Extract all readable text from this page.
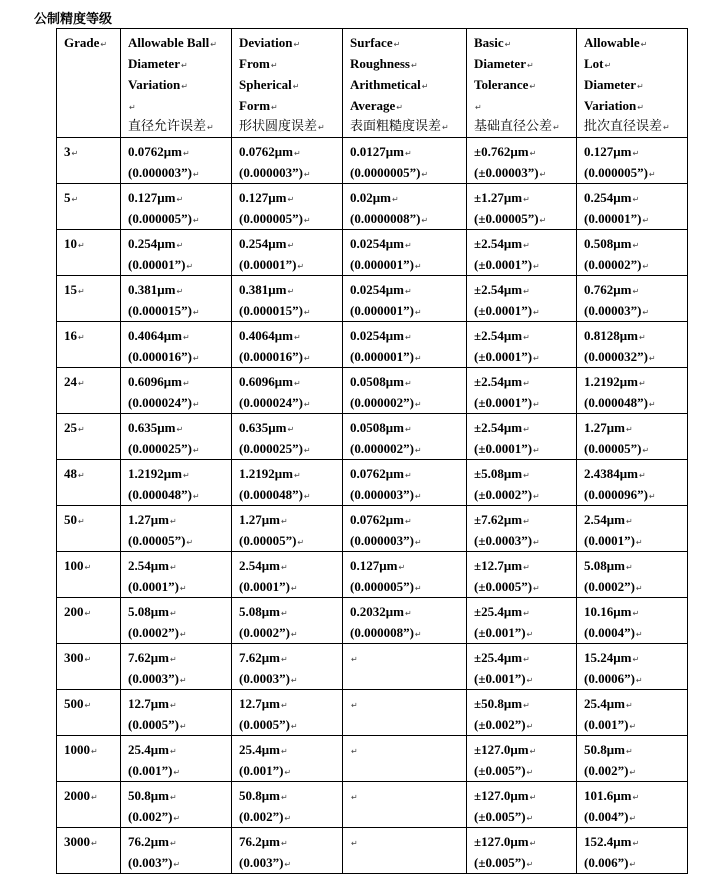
公制精度等级
Grade↵	Allowable Ball↵
Diameter↵
Variation↵
↵
直径允许误差↵	Deviation↵
From↵
Spherical↵
Form↵
形状圆度误差↵	Surface↵
Roughness↵
Arithmetical↵
Average↵
表面粗糙度误差↵	Basic↵
Diameter↵
Tolerance↵
↵
基础直径公差↵	Allowable↵
Lot↵
Diameter↵
Variation↵
批次直径误差↵

3↵	0.0762μm↵
(0.000003”)↵	0.0762μm↵
(0.000003”)↵	0.0127μm↵
(0.0000005”)↵	±0.762μm↵
(±0.00003”)↵	0.127μm↵
(0.000005”)↵

5↵	0.127μm↵
(0.000005”)↵	0.127μm↵
(0.000005”)↵	0.02μm↵
(0.0000008”)↵	±1.27μm↵
(±0.00005”)↵	0.254μm↵
(0.00001”)↵

10↵	0.254μm↵
(0.00001”)↵	0.254μm↵
(0.00001”)↵	0.0254μm↵
(0.000001”)↵	±2.54μm↵
(±0.0001”)↵	0.508μm↵
(0.00002”)↵

15↵	0.381μm↵
(0.000015”)↵	0.381μm↵
(0.000015”)↵	0.0254μm↵
(0.000001”)↵	±2.54μm↵
(±0.0001”)↵	0.762μm↵
(0.00003”)↵

16↵	0.4064μm↵
(0.000016”)↵	0.4064μm↵
(0.000016”)↵	0.0254μm↵
(0.000001”)↵	±2.54μm↵
(±0.0001”)↵	0.8128μm↵
(0.000032”)↵

24↵	0.6096μm↵
(0.000024”)↵	0.6096μm↵
(0.000024”)↵	0.0508μm↵
(0.000002”)↵	±2.54μm↵
(±0.0001”)↵	1.2192μm↵
(0.000048”)↵

25↵	0.635μm↵
(0.000025”)↵	0.635μm↵
(0.000025”)↵	0.0508μm↵
(0.000002”)↵	±2.54μm↵
(±0.0001”)↵	1.27μm↵
(0.00005”)↵

48↵	1.2192μm↵
(0.000048”)↵	1.2192μm↵
(0.000048”)↵	0.0762μm↵
(0.000003”)↵	±5.08μm↵
(±0.0002”)↵	2.4384μm↵
(0.000096”)↵

50↵	1.27μm↵
(0.00005”)↵	1.27μm↵
(0.00005”)↵	0.0762μm↵
(0.000003”)↵	±7.62μm↵
(±0.0003”)↵	2.54μm↵
(0.0001”)↵

100↵	2.54μm↵
(0.0001”)↵	2.54μm↵
(0.0001”)↵	0.127μm↵
(0.000005”)↵	±12.7μm↵
(±0.0005”)↵	5.08μm↵
(0.0002”)↵

200↵	5.08μm↵
(0.0002”)↵	5.08μm↵
(0.0002”)↵	0.2032μm↵
(0.000008”)↵	±25.4μm↵
(±0.001”)↵	10.16μm↵
(0.0004”)↵

300↵	7.62μm↵
(0.0003”)↵	7.62μm↵
(0.0003”)↵	↵	±25.4μm↵
(±0.001”)↵	15.24μm↵
(0.0006”)↵

500↵	12.7μm↵
(0.0005”)↵	12.7μm↵
(0.0005”)↵	↵	±50.8μm↵
(±0.002”)↵	25.4μm↵
(0.001”)↵

1000↵	25.4μm↵
(0.001”)↵	25.4μm↵
(0.001”)↵	↵	±127.0μm↵
(±0.005”)↵	50.8μm↵
(0.002”)↵

2000↵	50.8μm↵
(0.002”)↵	50.8μm↵
(0.002”)↵	↵	±127.0μm↵
(±0.005”)↵	101.6μm↵
(0.004”)↵

3000↵	76.2μm↵
(0.003”)↵	76.2μm↵
(0.003”)↵	↵	±127.0μm↵
(±0.005”)↵	152.4μm↵
(0.006”)↵
